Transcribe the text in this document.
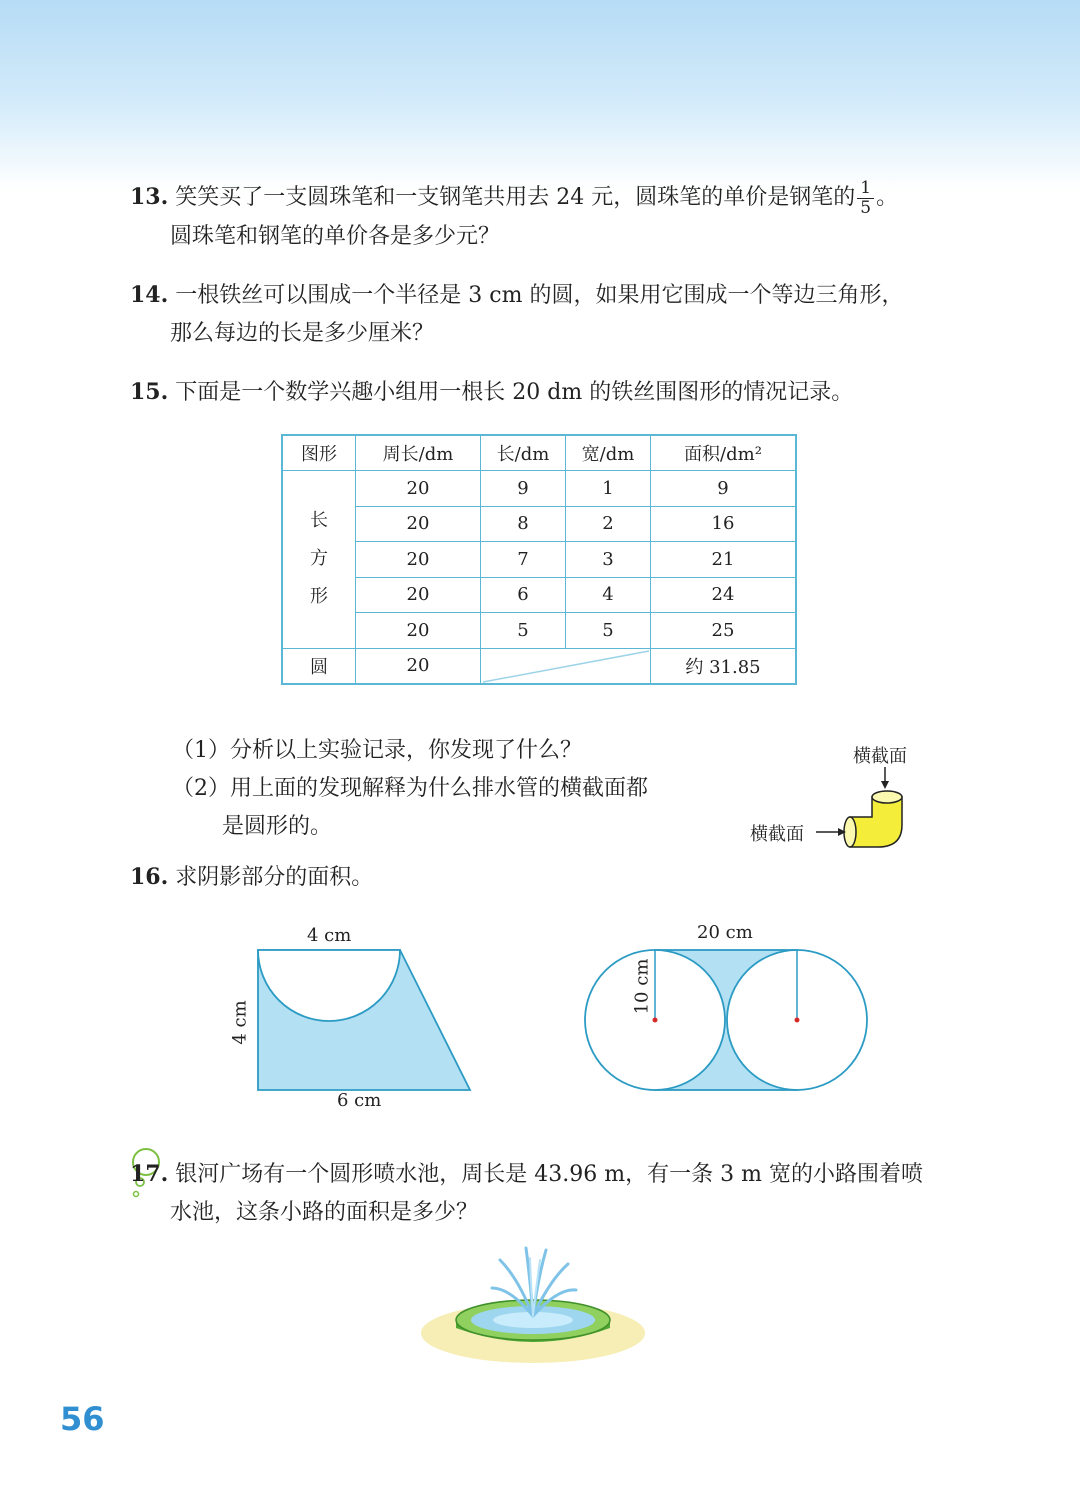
13. 笑笑买了一支圆珠笔和一支钢笔共用去 24 元，圆珠笔的单价是钢笔的 $\frac{1}{5}$ 。
圆珠笔和钢笔的单价各是多少元？
14. 一根铁丝可以围成一个半径是 3 cm 的圆，如果用它围成一个等边三角形，
那么每边的长是多少厘米？
15. 下面是一个数学兴趣小组用一根长 20 dm 的铁丝围图形的情况记录。
图形	周长/dm	长/dm	宽/dm	面积/dm²

长
方
形	20	9	1	9
	20	8	2	16
	20	7	3	21
	20	6	4	24
	20	5	5	25
圆	20			约 31.85
（1）分析以上实验记录，你发现了什么？
（2）用上面的发现解释为什么排水管的横截面都
是圆形的。
横截面
横截面
16. 求阴影部分的面积。
4 cm
4 cm
6 cm
20 cm
10 cm
17. 银河广场有一个圆形喷水池，周长是 43.96 m，有一条 3 m 宽的小路围着喷
水池，这条小路的面积是多少？
56
